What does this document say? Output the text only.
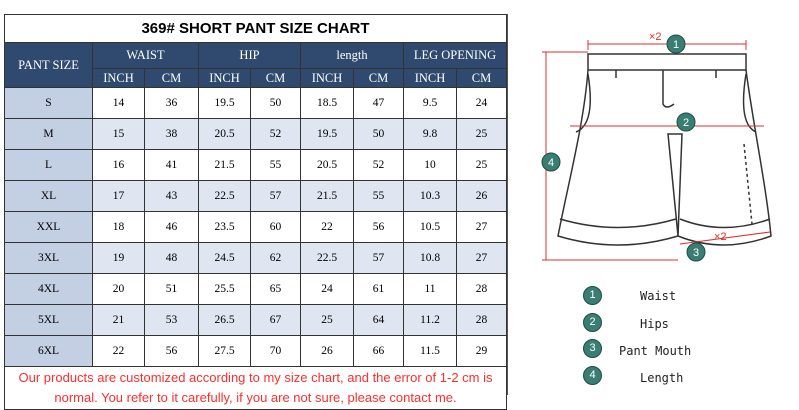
369# SHORT PANT SIZE CHART								
PANT SIZE	WAIST		HIP		length		LEG OPENING	
	INCH	CM	INCH	CM	INCH	CM	INCH	CM
S	14	36	19.5	50	18.5	47	9.5	24
M	15	38	20.5	52	19.5	50	9.8	25
L	16	41	21.5	55	20.5	52	10	25
XL	17	43	22.5	57	21.5	55	10.3	26
XXL	18	46	23.5	60	22	56	10.5	27
3XL	19	48	24.5	62	22.5	57	10.8	27
4XL	20	51	25.5	65	24	61	11	28
5XL	21	53	26.5	67	25	64	11.2	28
6XL	22	56	27.5	70	26	66	11.5	29
Our products are customized according to my size chart, and the error of 1-2 cm is normal. You refer to it carefully, if you are not sure, please contact me.								
×2
×2
1
2
3
4
1	Waist
2	Hips
3	Pant Mouth
4	Length
